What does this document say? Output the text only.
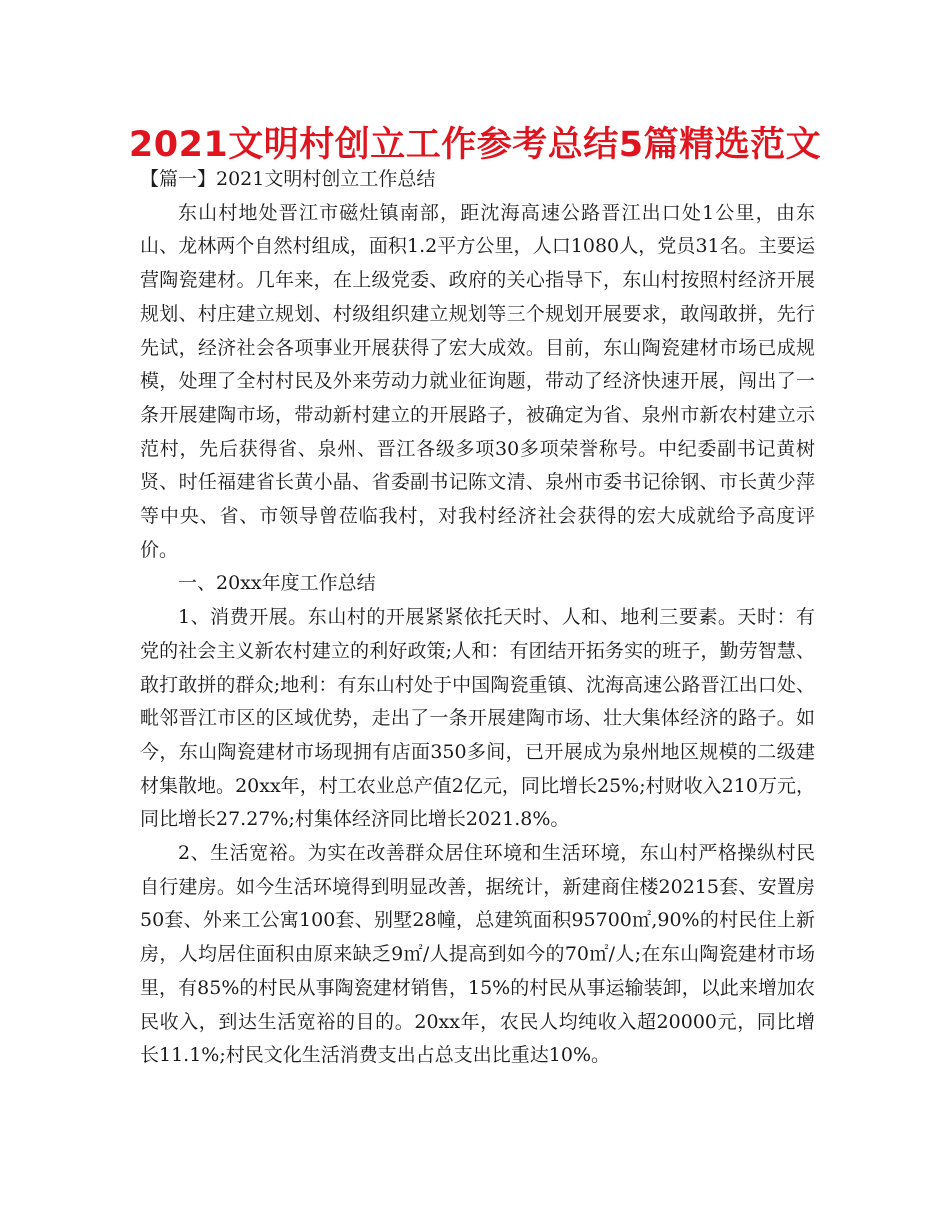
2021文明村创立工作参考总结5篇精选范文

【篇一】2021文明村创立工作总结

东山村地处晋江市磁灶镇南部，距沈海高速公路晋江出口处1公里，由东山、龙林两个自然村组成，面积1.2平方公里，人口1080人，党员31名。主要运营陶瓷建材。几年来，在上级党委、政府的关心指导下，东山村按照村经济开展规划、村庄建立规划、村级组织建立规划等三个规划开展要求，敢闯敢拼，先行先试，经济社会各项事业开展获得了宏大成效。目前，东山陶瓷建材市场已成规模，处理了全村村民及外来劳动力就业征询题，带动了经济快速开展，闯出了一条开展建陶市场，带动新村建立的开展路子，被确定为省、泉州市新农村建立示范村，先后获得省、泉州、晋江各级多项30多项荣誉称号。中纪委副书记黄树贤、时任福建省长黄小晶、省委副书记陈文清、泉州市委书记徐钢、市长黄少萍等中央、省、市领导曾莅临我村，对我村经济社会获得的宏大成就给予高度评价。

一、20xx年度工作总结

1、消费开展。东山村的开展紧紧依托天时、人和、地利三要素。天时：有党的社会主义新农村建立的利好政策;人和：有团结开拓务实的班子，勤劳智慧、敢打敢拼的群众;地利：有东山村处于中国陶瓷重镇、沈海高速公路晋江出口处、毗邻晋江市区的区域优势，走出了一条开展建陶市场、壮大集体经济的路子。如今，东山陶瓷建材市场现拥有店面350多间，已开展成为泉州地区规模的二级建材集散地。20xx年，村工农业总产值2亿元，同比增长25%;村财收入210万元，同比增长27.27%;村集体经济同比增长2021.8%。

2、生活宽裕。为实在改善群众居住环境和生活环境，东山村严格操纵村民自行建房。如今生活环境得到明显改善，据统计，新建商住楼20215套、安置房50套、外来工公寓100套、别墅28幢，总建筑面积95700㎡,90%的村民住上新房，人均居住面积由原来缺乏9㎡/人提高到如今的70㎡/人;在东山陶瓷建材市场里，有85%的村民从事陶瓷建材销售，15%的村民从事运输装卸，以此来增加农民收入，到达生活宽裕的目的。20xx年，农民人均纯收入超20000元，同比增长11.1%;村民文化生活消费支出占总支出比重达10%。
